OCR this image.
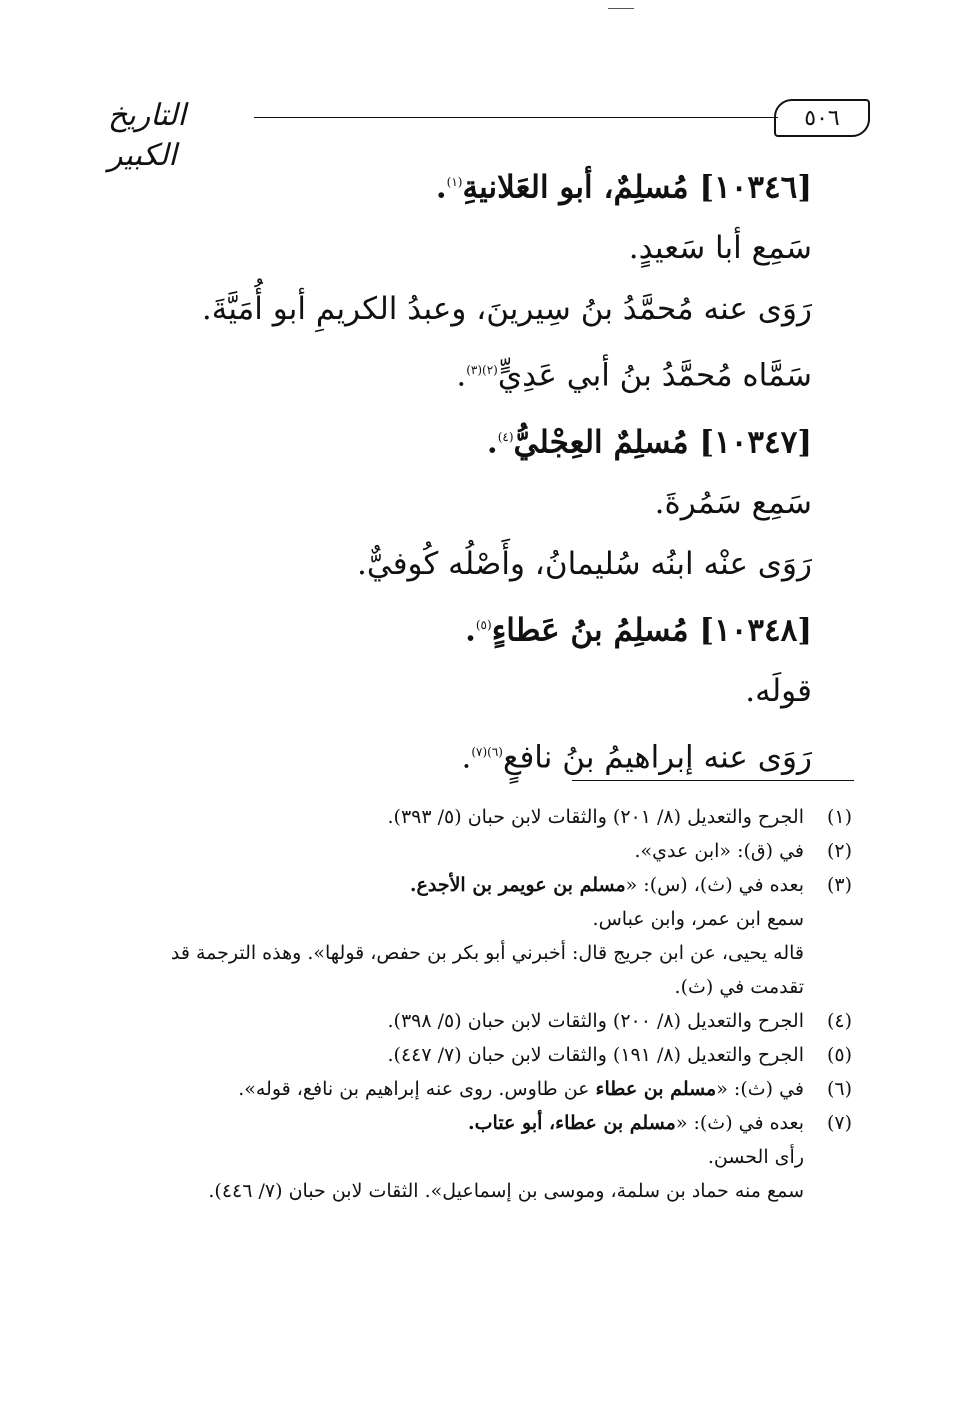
٥٠٦
التاريخ الكبير
[١٠٣٤٦] مُسلِمٌ، أبو العَلانيةِ$^{(١)}$.
سَمِع أبا سَعيدٍ.
رَوَى عنه مُحمَّدُ بنُ سِيرينَ، وعبدُ الكريمِ أبو أُمَيَّةَ.
سَمَّاه مُحمَّدُ بنُ أبي عَدِيٍّ$^{(٢)(٣)}$.
[١٠٣٤٧] مُسلِمٌ العِجْليُّ$^{(٤)}$.
سَمِع سَمُرةَ.
رَوَى عنْه ابنُه سُليمانُ، وأَصْلُه كُوفيٌّ.
[١٠٣٤٨] مُسلِمُ بنُ عَطاءٍ$^{(٥)}$.
قولَه.
رَوَى عنه إبراهيمُ بنُ نافعٍ$^{(٦)(٧)}$.
(١)
الجرح والتعديل (٨/ ٢٠١) والثقات لابن حبان (٥/ ٣٩٣).
(٢)
في (ق): «ابن عدي».
(٣)
بعده في (ث)، (س): «مسلم بن عويمر بن الأجدع.
سمع ابن عمر، وابن عباس.
قاله يحيى، عن ابن جريج قال: أخبرني أبو بكر بن حفص، قولها». وهذه الترجمة قد
تقدمت في (ث).
(٤)
الجرح والتعديل (٨/ ٢٠٠) والثقات لابن حبان (٥/ ٣٩٨).
(٥)
الجرح والتعديل (٨/ ١٩١) والثقات لابن حبان (٧/ ٤٤٧).
(٦)
في (ث): «مسلم بن عطاء عن طاوس. روى عنه إبراهيم بن نافع، قوله».
(٧)
بعده في (ث): «مسلم بن عطاء، أبو عتاب.
رأى الحسن.
سمع منه حماد بن سلمة، وموسى بن إسماعيل». الثقات لابن حبان (٧/ ٤٤٦).
